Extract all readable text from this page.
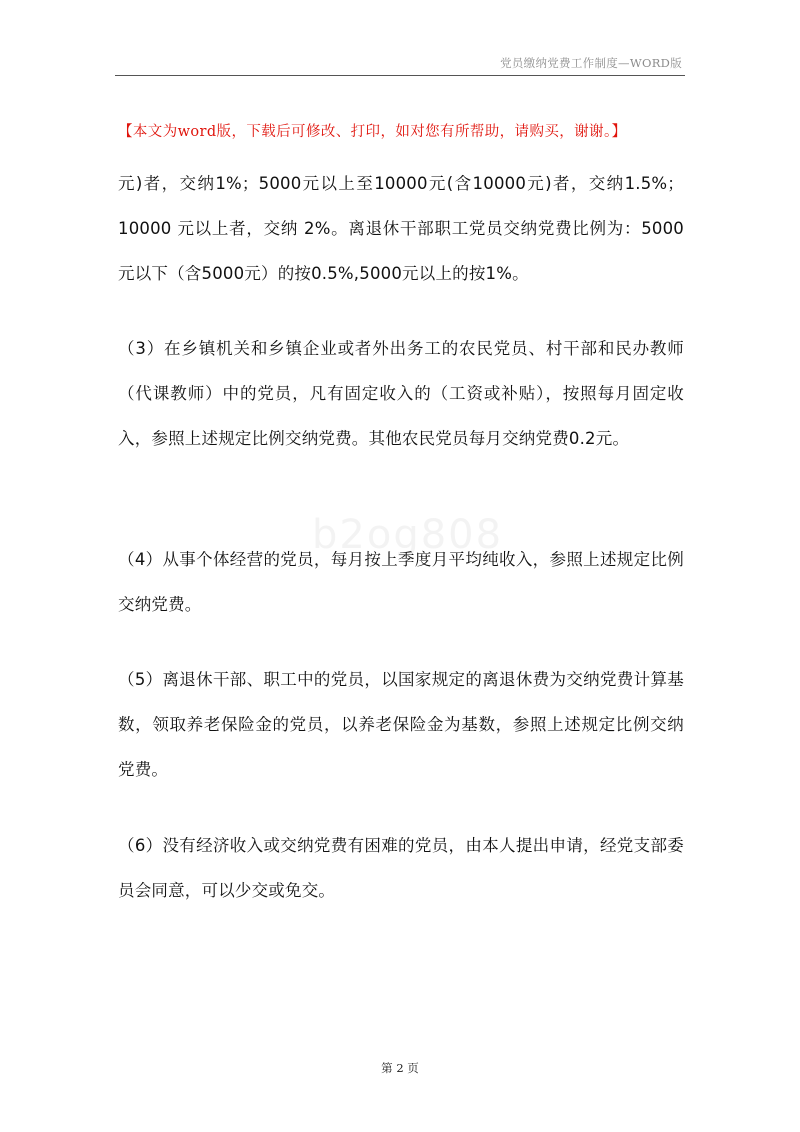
党员缴纳党费工作制度—WORD版
【本文为word版，下载后可修改、打印，如对您有所帮助，请购买，谢谢。】

元)者，交纳1%；5000元以上至10000元(含10000元)者，交纳1.5%；10000 元以上者，交纳 2%。离退休干部职工党员交纳党费比例为：5000元以下（含5000元）的按0.5%,5000元以上的按1%。

（3）在乡镇机关和乡镇企业或者外出务工的农民党员、村干部和民办教师（代课教师）中的党员，凡有固定收入的（工资或补贴），按照每月固定收入，参照上述规定比例交纳党费。其他农民党员每月交纳党费0.2元。

（4）从事个体经营的党员，每月按上季度月平均纯收入，参照上述规定比例交纳党费。

（5）离退休干部、职工中的党员，以国家规定的离退休费为交纳党费计算基数，领取养老保险金的党员，以养老保险金为基数，参照上述规定比例交纳党费。

（6）没有经济收入或交纳党费有困难的党员，由本人提出申请，经党支部委员会同意，可以少交或免交。

b2og808
第 2 页
